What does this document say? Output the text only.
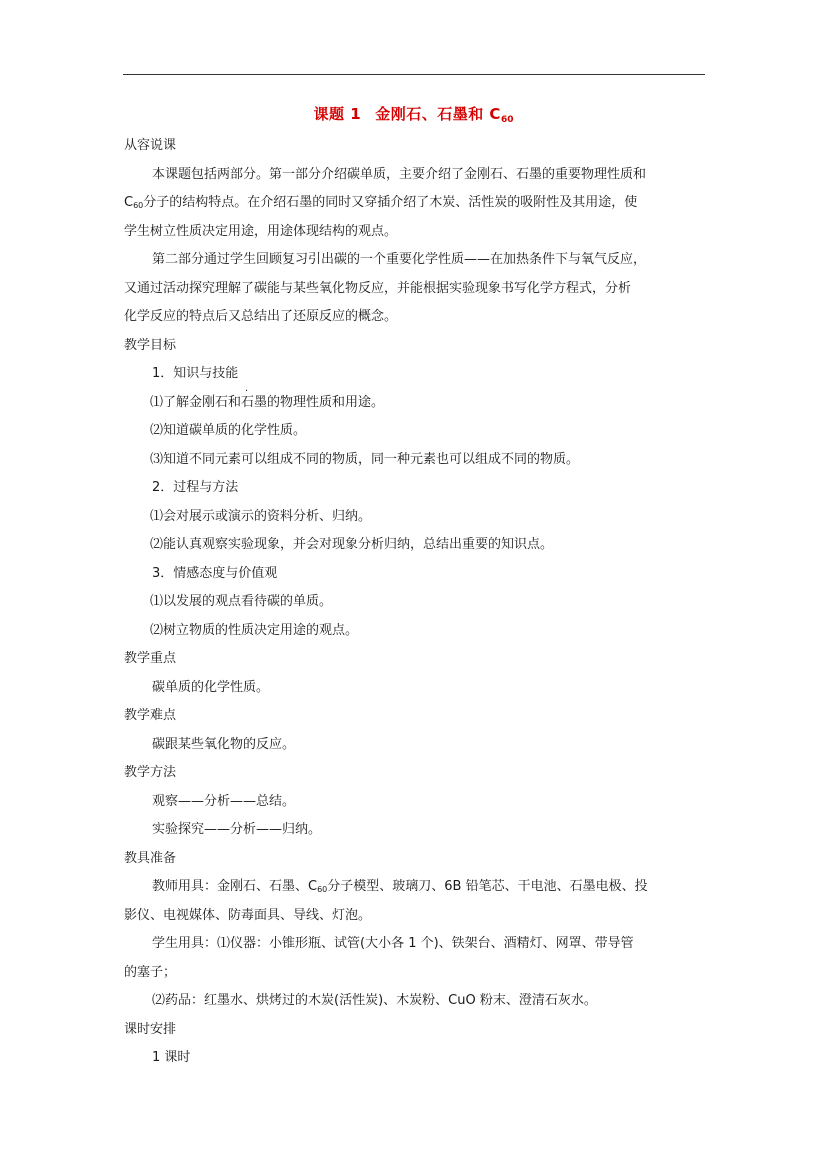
课题 1 金刚石、石墨和 $C_{60}$
从容说课
本课题包括两部分。第一部分介绍碳单质，主要介绍了金刚石、石墨的重要物理性质和
$C_{60}$分子的结构特点。在介绍石墨的同时又穿插介绍了木炭、活性炭的吸附性及其用途，使
学生树立性质决定用途，用途体现结构的观点。
第二部分通过学生回顾复习引出碳的一个重要化学性质——在加热条件下与氧气反应，
又通过活动探究理解了碳能与某些氧化物反应，并能根据实验现象书写化学方程式，分析
化学反应的特点后又总结出了还原反应的概念。
教学目标
1．知识与技能
.
⑴了解金刚石和石墨的物理性质和用途。
⑵知道碳单质的化学性质。
⑶知道不同元素可以组成不同的物质，同一种元素也可以组成不同的物质。
2．过程与方法
⑴会对展示或演示的资料分析、归纳。
⑵能认真观察实验现象，并会对现象分析归纳，总结出重要的知识点。
3．情感态度与价值观
⑴以发展的观点看待碳的单质。
⑵树立物质的性质决定用途的观点。
教学重点
碳单质的化学性质。
教学难点
碳跟某些氧化物的反应。
教学方法
观察——分析——总结。
实验探究——分析——归纳。
教具准备
教师用具：金刚石、石墨、$C_{60}$分子模型、玻璃刀、6B 铅笔芯、干电池、石墨电极、投
影仪、电视媒体、防毒面具、导线、灯泡。
学生用具：⑴仪器：小锥形瓶、试管(大小各 1 个)、铁架台、酒精灯、网罩、带导管
的塞子；
⑵药品：红墨水、烘烤过的木炭(活性炭)、木炭粉、CuO 粉末、澄清石灰水。
课时安排
1 课时
